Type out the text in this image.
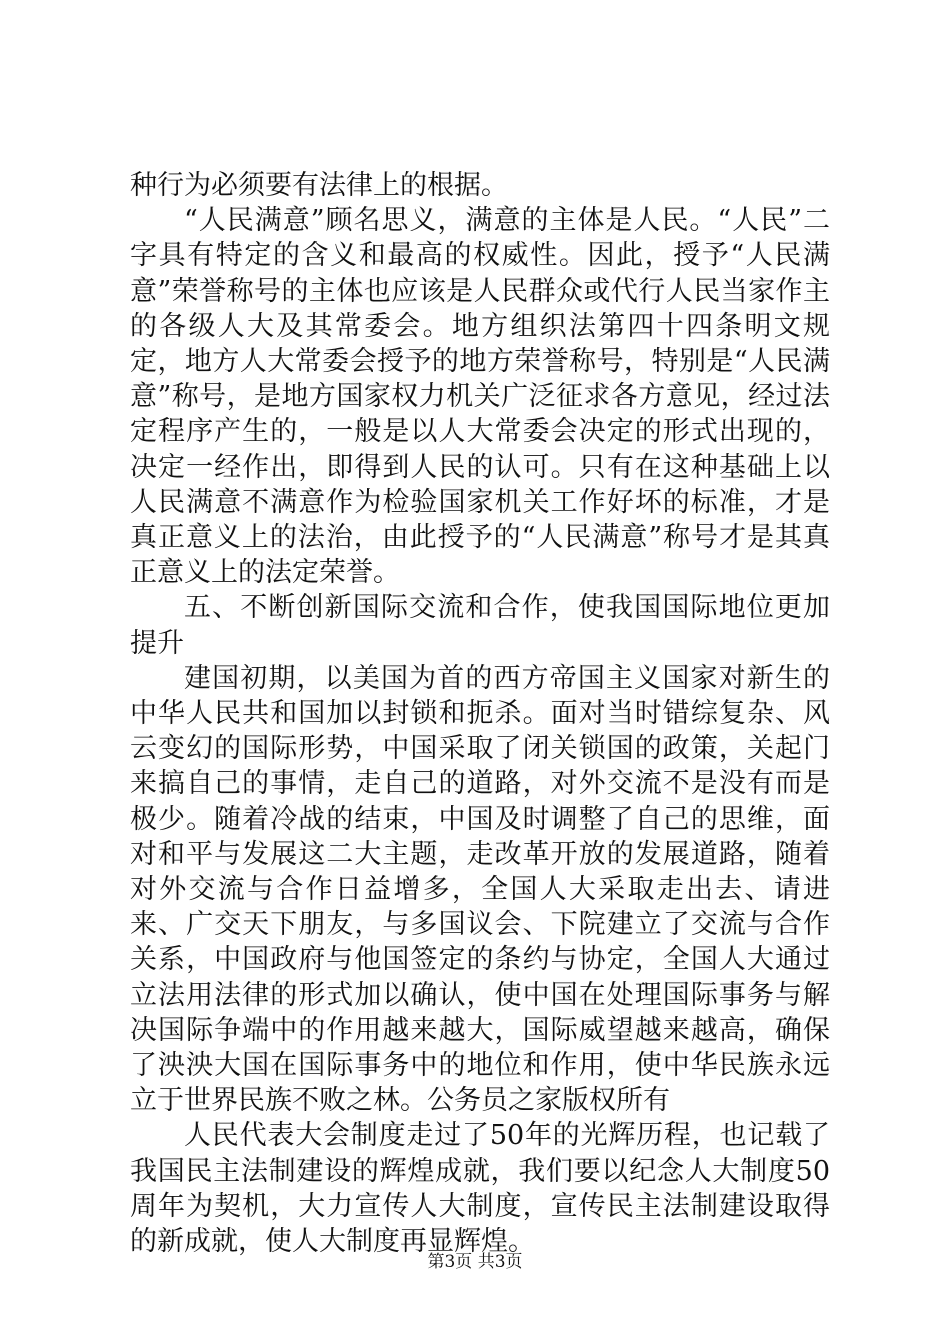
种行为必须要有法律上的根据。

“人民满意”顾名思义，满意的主体是人民。“人民”二字具有特定的含义和最高的权威性。因此，授予“人民满意”荣誉称号的主体也应该是人民群众或代行人民当家作主的各级人大及其常委会。地方组织法第四十四条明文规定，地方人大常委会授予的地方荣誉称号，特别是“人民满意”称号，是地方国家权力机关广泛征求各方意见，经过法定程序产生的，一般是以人大常委会决定的形式出现的，决定一经作出，即得到人民的认可。只有在这种基础上以人民满意不满意作为检验国家机关工作好坏的标准，才是真正意义上的法治，由此授予的“人民满意”称号才是其真正意义上的法定荣誉。

五、不断创新国际交流和合作，使我国国际地位更加提升

建国初期，以美国为首的西方帝国主义国家对新生的中华人民共和国加以封锁和扼杀。面对当时错综复杂、风云变幻的国际形势，中国采取了闭关锁国的政策，关起门来搞自己的事情，走自己的道路，对外交流不是没有而是极少。随着冷战的结束，中国及时调整了自己的思维，面对和平与发展这二大主题，走改革开放的发展道路，随着对外交流与合作日益增多，全国人大采取走出去、请进来、广交天下朋友，与多国议会、下院建立了交流与合作关系，中国政府与他国签定的条约与协定，全国人大通过立法用法律的形式加以确认，使中国在处理国际事务与解决国际争端中的作用越来越大，国际威望越来越高，确保了泱泱大国在国际事务中的地位和作用，使中华民族永远立于世界民族不败之林。公务员之家版权所有

人民代表大会制度走过了50年的光辉历程，也记载了我国民主法制建设的辉煌成就，我们要以纪念人大制度50周年为契机，大力宣传人大制度，宣传民主法制建设取得的新成就，使人大制度再显辉煌。

第3页 共3页
